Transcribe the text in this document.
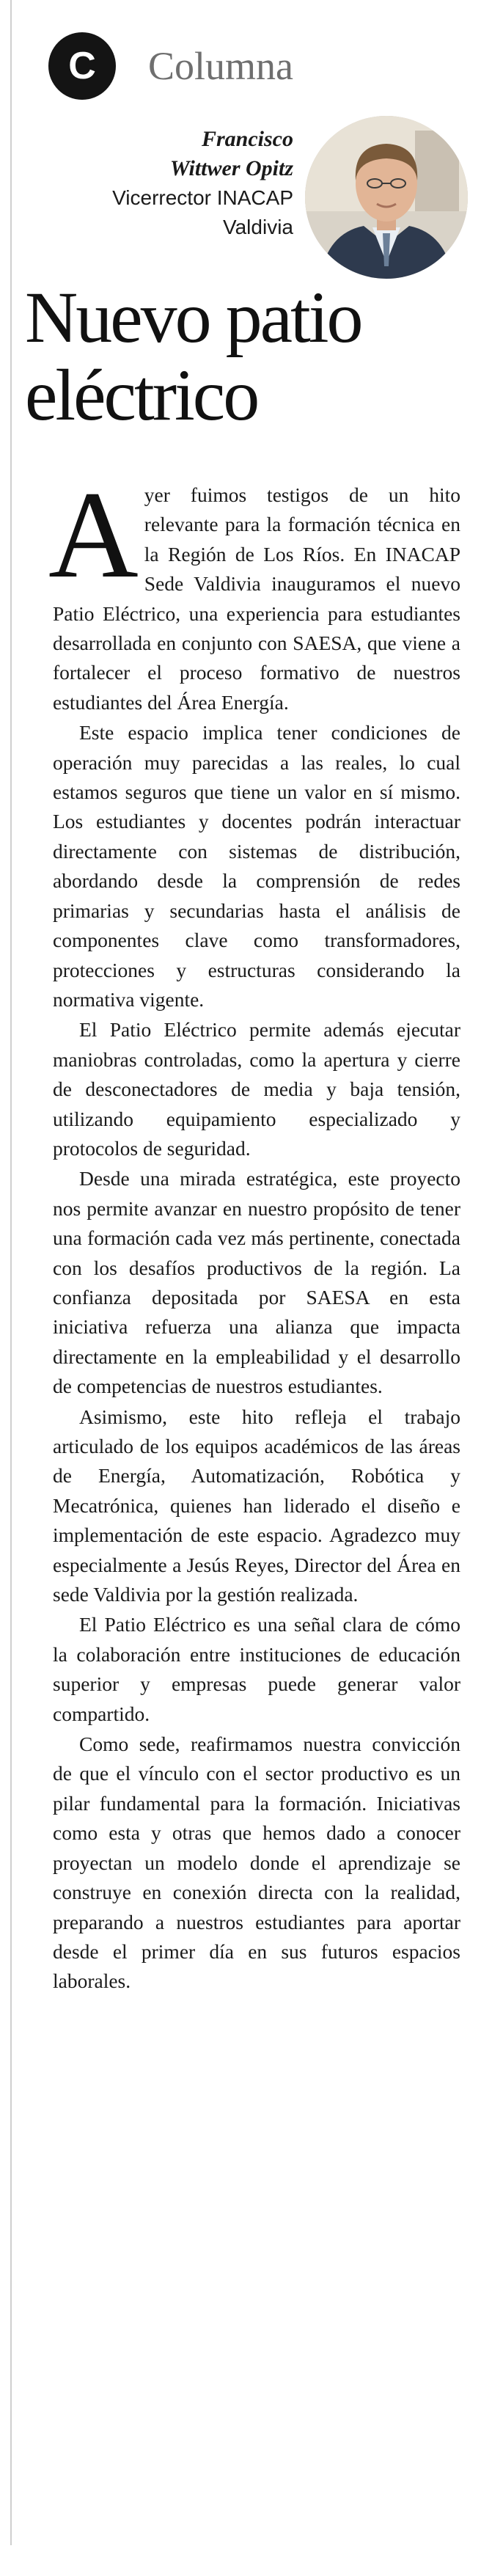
C	Columna
Francisco
Wittwer Opitz
Vicerrector INACAP
Valdivia
Nuevo patio
eléctrico

Ayer fuimos testigos de un hito relevante para la formación técnica en la Región de Los Ríos. En INACAP Sede Valdivia inauguramos el nuevo Patio Eléctrico, una experiencia para estudiantes desarrollada en conjunto con SAESA, que viene a fortalecer el proceso formativo de nuestros estudiantes del Área Energía.

Este espacio implica tener condiciones de operación muy parecidas a las reales, lo cual estamos seguros que tiene un valor en sí mismo. Los estudiantes y docentes podrán interactuar directamente con sistemas de distribución, abordando desde la comprensión de redes primarias y secundarias hasta el análisis de componentes clave como transformadores, protecciones y estructuras considerando la normativa vigente.

El Patio Eléctrico permite además ejecutar maniobras controladas, como la apertura y cierre de desconectadores de media y baja tensión, utilizando equipamiento especializado y protocolos de seguridad.

Desde una mirada estratégica, este proyecto nos permite avanzar en nuestro propósito de tener una formación cada vez más pertinente, conectada con los desafíos productivos de la región. La confianza depositada por SAESA en esta iniciativa refuerza una alianza que impacta directamente en la empleabilidad y el desarrollo de competencias de nuestros estudiantes.

Asimismo, este hito refleja el trabajo articulado de los equipos académicos de las áreas de Energía, Automatización, Robótica y Mecatrónica, quienes han liderado el diseño e implementación de este espacio. Agradezco muy especialmente a Jesús Reyes, Director del Área en sede Valdivia por la gestión realizada.

El Patio Eléctrico es una señal clara de cómo la colaboración entre instituciones de educación superior y empresas puede generar valor compartido.

Como sede, reafirmamos nuestra convicción de que el vínculo con el sector productivo es un pilar fundamental para la formación. Iniciativas como esta y otras que hemos dado a conocer proyectan un modelo donde el aprendizaje se construye en conexión directa con la realidad, preparando a nuestros estudiantes para aportar desde el primer día en sus futuros espacios laborales.
